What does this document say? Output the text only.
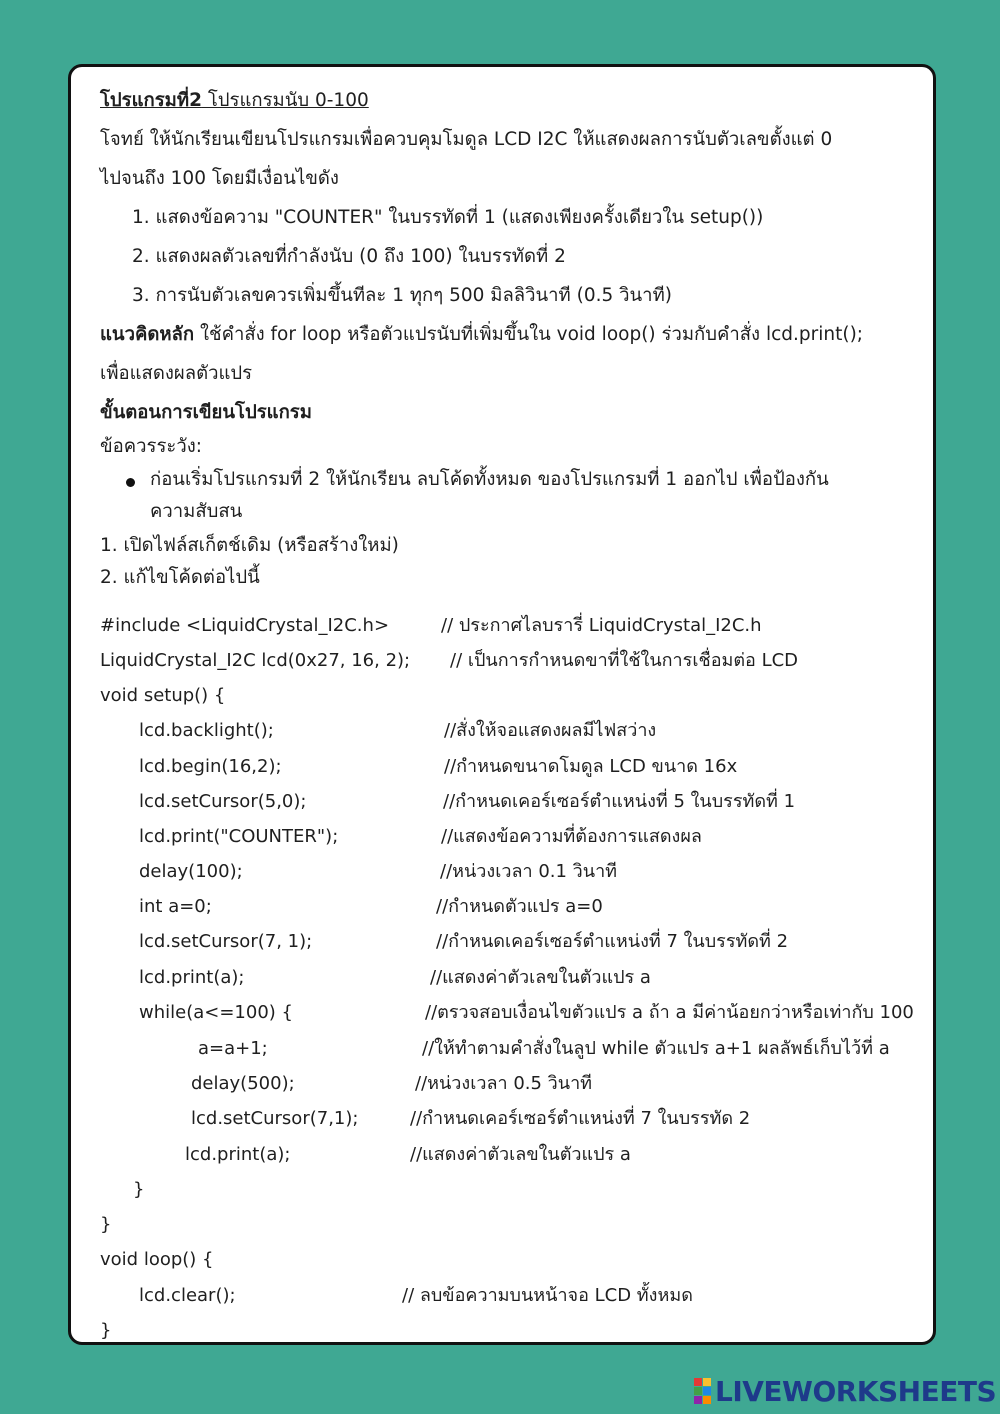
โปรแกรมที่2 โปรแกรมนับ 0-100
โจทย์ ให้นักเรียนเขียนโปรแกรมเพื่อควบคุมโมดูล LCD I2C ให้แสดงผลการนับตัวเลขตั้งแต่ 0
ไปจนถึง 100 โดยมีเงื่อนไขดัง
1. แสดงข้อความ "COUNTER" ในบรรทัดที่ 1 (แสดงเพียงครั้งเดียวใน setup())
2. แสดงผลตัวเลขที่กำลังนับ (0 ถึง 100) ในบรรทัดที่ 2
3. การนับตัวเลขควรเพิ่มขึ้นทีละ 1 ทุกๆ 500 มิลลิวินาที (0.5 วินาที)
แนวคิดหลัก ใช้คำสั่ง for loop หรือตัวแปรนับที่เพิ่มขึ้นใน void loop() ร่วมกับคำสั่ง lcd.print();
เพื่อแสดงผลตัวแปร
ขั้นตอนการเขียนโปรแกรม
ข้อควรระวัง:
ก่อนเริ่มโปรแกรมที่ 2 ให้นักเรียน ลบโค้ดทั้งหมด ของโปรแกรมที่ 1 ออกไป เพื่อป้องกัน
ความสับสน
1. เปิดไฟล์สเก็ตช์เดิม (หรือสร้างใหม่)
2. แก้ไขโค้ดต่อไปนี้
#include <LiquidCrystal_I2C.h>	// ประกาศไลบรารี่ LiquidCrystal_I2C.h
LiquidCrystal_I2C lcd(0x27, 16, 2); // เป็นการกำหนดขาที่ใช้ในการเชื่อมต่อ LCD
void setup() {
lcd.backlight();	//สั่งให้จอแสดงผลมีไฟสว่าง
lcd.begin(16,2);	//กำหนดขนาดโมดูล LCD ขนาด 16x
lcd.setCursor(5,0);	//กำหนดเคอร์เซอร์ตำแหน่งที่ 5 ในบรรทัดที่ 1
lcd.print("COUNTER");	//แสดงข้อความที่ต้องการแสดงผล
delay(100);	//หน่วงเวลา 0.1 วินาที
int a=0;	//กำหนดตัวแปร a=0
lcd.setCursor(7, 1);	//กำหนดเคอร์เซอร์ตำแหน่งที่ 7 ในบรรทัดที่ 2
lcd.print(a);	//แสดงค่าตัวเลขในตัวแปร a
while(a<=100) {	//ตรวจสอบเงื่อนไขตัวแปร a ถ้า a มีค่าน้อยกว่าหรือเท่ากับ 100
a=a+1;	//ให้ทำตามคำสั่งในลูป while ตัวแปร a+1 ผลลัพธ์เก็บไว้ที่ a
delay(500);	//หน่วงเวลา 0.5 วินาที
lcd.setCursor(7,1);	//กำหนดเคอร์เซอร์ตำแหน่งที่ 7 ในบรรทัด 2
lcd.print(a);	//แสดงค่าตัวเลขในตัวแปร a
}
}
void loop() {
lcd.clear();	// ลบข้อความบนหน้าจอ LCD ทั้งหมด
}
LIVEWORKSHEETS
